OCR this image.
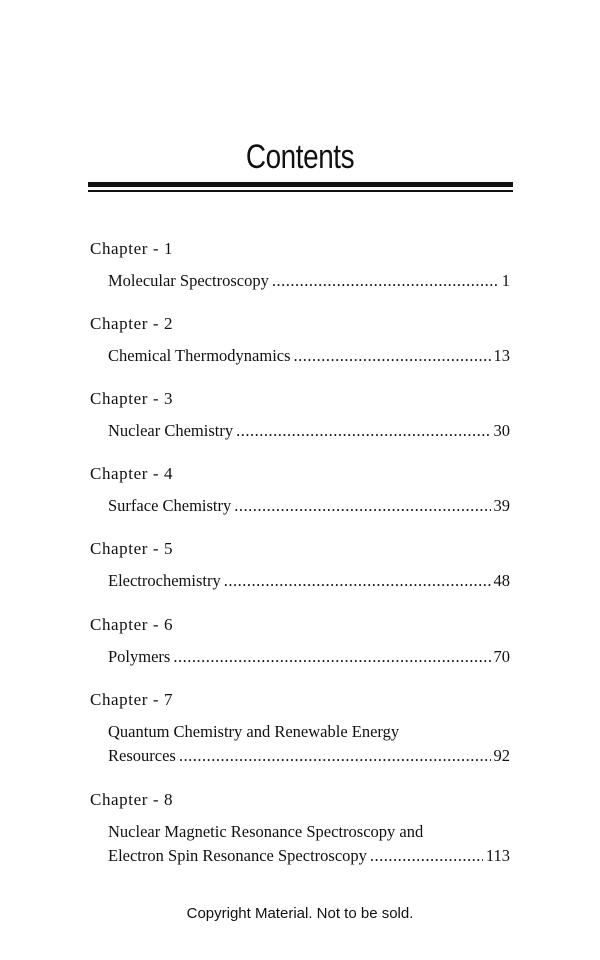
Contents
Chapter - 1
Molecular Spectroscopy .....	1
Chapter - 2
Chemical Thermodynamics .....	13
Chapter - 3
Nuclear Chemistry .....	30
Chapter - 4
Surface Chemistry .....	39
Chapter - 5
Electrochemistry .....	48
Chapter - 6
Polymers .....	70
Chapter - 7
Quantum Chemistry and Renewable Energy
Resources .....	92
Chapter - 8
Nuclear Magnetic Resonance Spectroscopy and
Electron Spin Resonance Spectroscopy .....	113
Copyright Material. Not to be sold.
